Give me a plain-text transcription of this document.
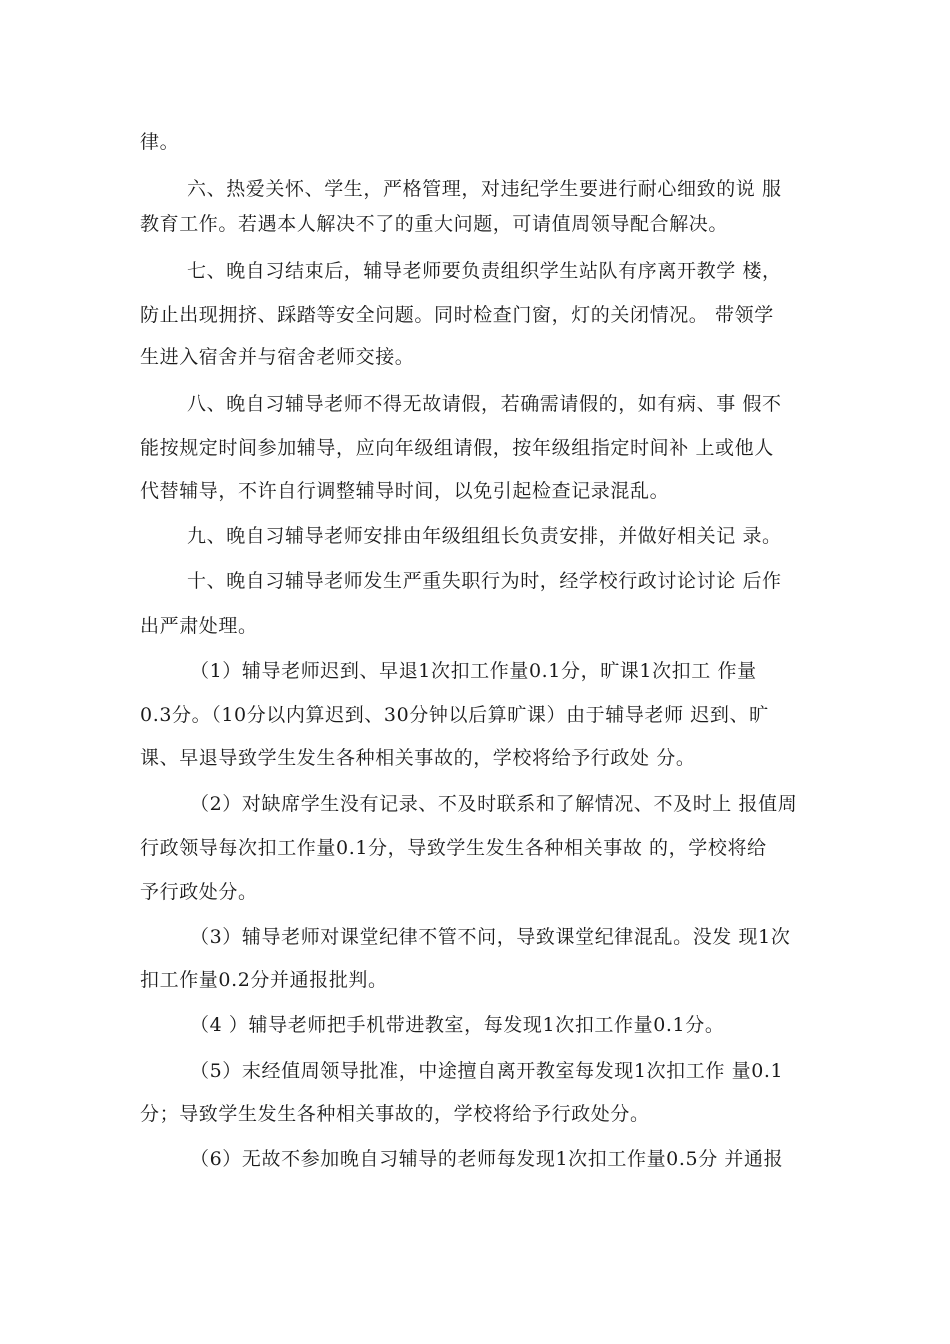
律。
六、热爱关怀、学生，严格管理，对违纪学生要进行耐心细致的说 服
教育工作。若遇本人解决不了的重大问题，可请值周领导配合解决。
七、晚自习结束后，辅导老师要负责组织学生站队有序离开教学 楼，
防止出现拥挤、踩踏等安全问题。同时检查门窗，灯的关闭情况。 带领学
生进入宿舍并与宿舍老师交接。
八、晚自习辅导老师不得无故请假，若确需请假的，如有病、事 假不
能按规定时间参加辅导，应向年级组请假，按年级组指定时间补 上或他人
代替辅导，不许自行调整辅导时间，以免引起检查记录混乱。
九、晚自习辅导老师安排由年级组组长负责安排，并做好相关记 录。
十、晚自习辅导老师发生严重失职行为时，经学校行政讨论讨论 后作
出严肃处理。
（1）辅导老师迟到、早退1次扣工作量0.1分，旷课1次扣工 作量
0.3分。（10分以内算迟到、30分钟以后算旷课）由于辅导老师 迟到、旷
课、早退导致学生发生各种相关事故的，学校将给予行政处 分。
（2）对缺席学生没有记录、不及时联系和了解情况、不及时上 报值周
行政领导每次扣工作量0.1分，导致学生发生各种相关事故 的，学校将给
予行政处分。
（3）辅导老师对课堂纪律不管不问，导致课堂纪律混乱。没发 现1次
扣工作量0.2分并通报批判。
（4 ）辅导老师把手机带进教室，每发现1次扣工作量0.1分。
（5）末经值周领导批准，中途擅自离开教室每发现1次扣工作 量0.1
分；导致学生发生各种相关事故的，学校将给予行政处分。
（6）无故不参加晚自习辅导的老师每发现1次扣工作量0.5分 并通报
